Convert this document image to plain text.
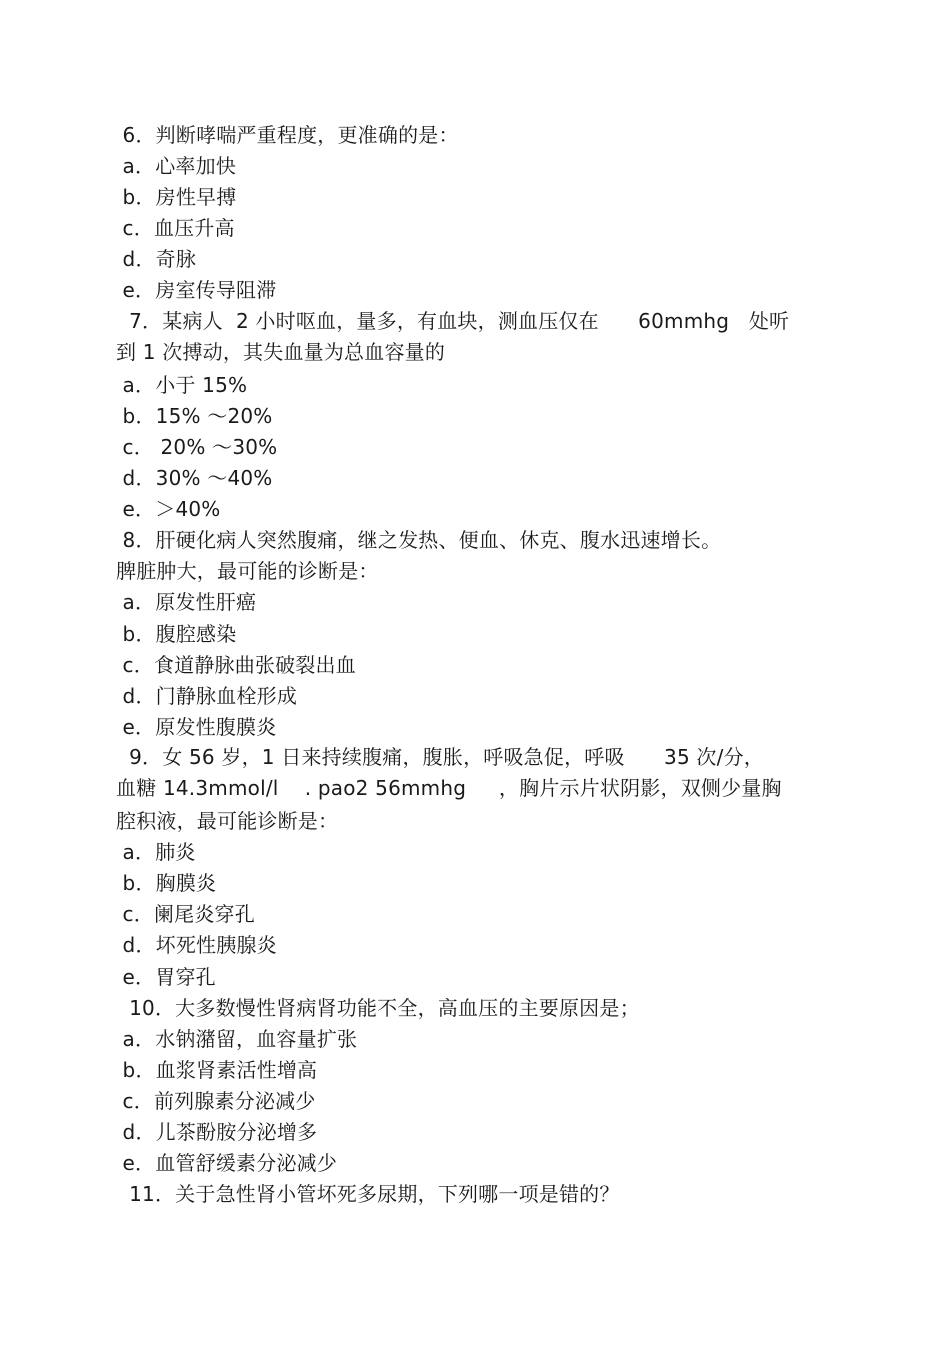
6．判断哮喘严重程度，更准确的是：
a．心率加快
b．房性早搏
c．血压升高
d．奇脉
e．房室传导阻滞
7．某病人  2 小时呕血，量多，有血块，测血压仅在      60mmhg   处听
到 1 次搏动，其失血量为总血容量的
a．小于 15%
b．15% ～20%
c． 20% ～30%
d．30% ～40%
e．＞40%
8．肝硬化病人突然腹痛，继之发热、便血、休克、腹水迅速增长。
脾脏肿大，最可能的诊断是：
a．原发性肝癌
b．腹腔感染
c．食道静脉曲张破裂出血
d．门静脉血栓形成
e．原发性腹膜炎
9．女 56 岁，1 日来持续腹痛，腹胀，呼吸急促，呼吸      35 次/分，
血糖 14.3mmol/l    . pao2 56mmhg     ，胸片示片状阴影，双侧少量胸
腔积液，最可能诊断是：
a．肺炎
b．胸膜炎
c．阑尾炎穿孔
d．坏死性胰腺炎
e．胃穿孔
10．大多数慢性肾病肾功能不全，高血压的主要原因是；
a．水钠潴留，血容量扩张
b．血浆肾素活性增高
c．前列腺素分泌减少
d．儿茶酚胺分泌增多
e．血管舒缓素分泌减少
11．关于急性肾小管坏死多尿期，下列哪一项是错的？
